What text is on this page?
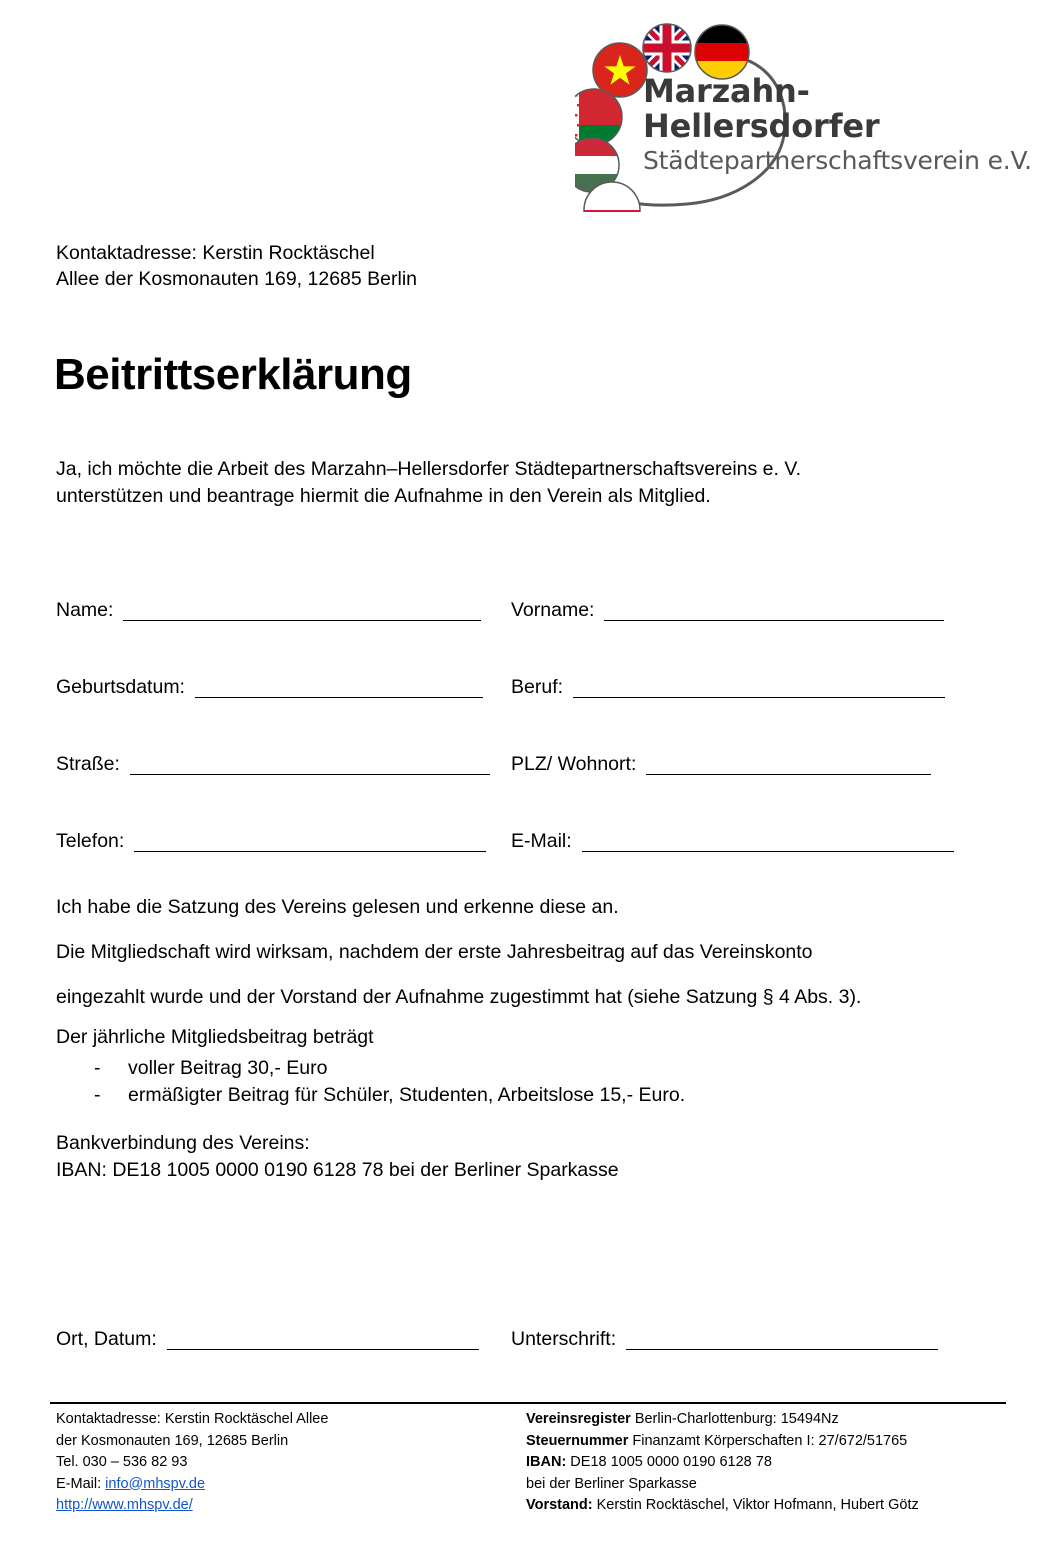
Marzahn-
Hellersdorfer
Städtepartnerschaftsverein e.V.
Kontaktadresse: Kerstin Rocktäschel
Allee der Kosmonauten 169, 12685 Berlin
Beitrittserklärung
Ja, ich möchte die Arbeit des Marzahn–Hellersdorfer Städtepartnerschaftsvereins e. V.
unterstützen und beantrage hiermit die Aufnahme in den Verein als Mitglied.
Name:	Vorname:
Geburtsdatum:	Beruf:
Straße:	PLZ/ Wohnort:
Telefon:	E-Mail:

Ich habe die Satzung des Vereins gelesen und erkenne diese an.

Die Mitgliedschaft wird wirksam, nachdem der erste Jahresbeitrag auf das Vereinskonto

eingezahlt wurde und der Vorstand der Aufnahme zugestimmt hat (siehe Satzung § 4 Abs. 3).

Der jährliche Mitgliedsbeitrag beträgt
-	voller Beitrag 30,- Euro
-	ermäßigter Beitrag für Schüler, Studenten, Arbeitslose 15,- Euro.
Bankverbindung des Vereins:
IBAN: DE18 1005 0000 0190 6128 78 bei der Berliner Sparkasse
Ort, Datum:	Unterschrift:
Kontaktadresse: Kerstin Rocktäschel Allee
der Kosmonauten 169, 12685 Berlin
Tel. 030 – 536 82 93
E-Mail: info@mhspv.de
http://www.mhspv.de/
Vereinsregister Berlin-Charlottenburg: 15494Nz
Steuernummer Finanzamt Körperschaften I: 27/672/51765
IBAN: DE18 1005 0000 0190 6128 78
bei der Berliner Sparkasse
Vorstand: Kerstin Rocktäschel, Viktor Hofmann, Hubert Götz
